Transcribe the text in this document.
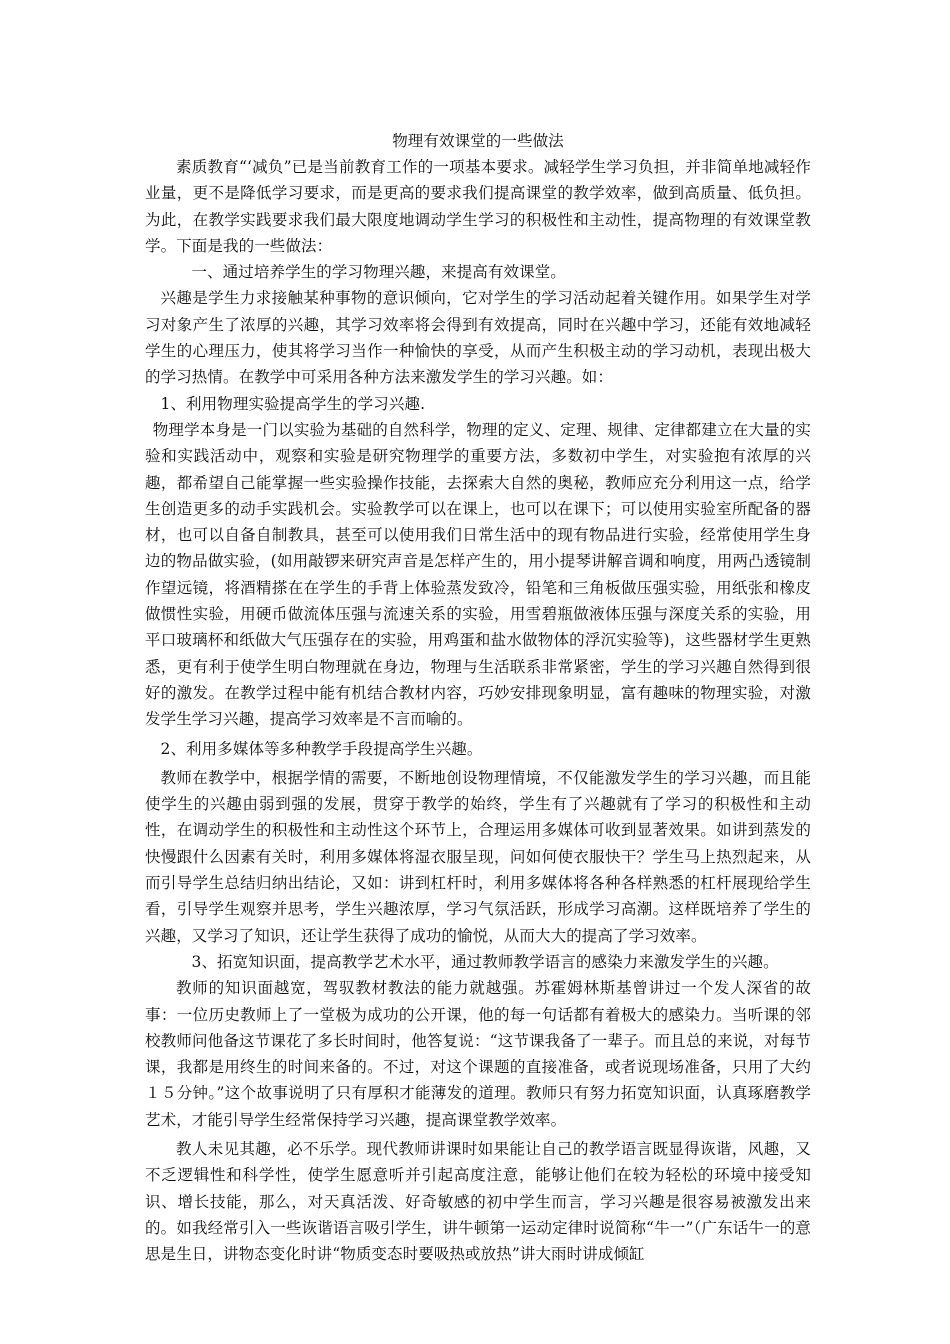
物理有效课堂的一些做法

素质教育“‘减负”已是当前教育工作的一项基本要求。减轻学生学习负担，并非简单地减轻作业量，更不是降低学习要求，而是更高的要求我们提高课堂的教学效率，做到高质量、低负担。为此，在教学实践要求我们最大限度地调动学生学习的积极性和主动性，提高物理的有效课堂教学。下面是我的一些做法：

一、通过培养学生的学习物理兴趣，来提高有效课堂。

兴趣是学生力求接触某种事物的意识倾向，它对学生的学习活动起着关键作用。如果学生对学习对象产生了浓厚的兴趣，其学习效率将会得到有效提高，同时在兴趣中学习，还能有效地减轻学生的心理压力，使其将学习当作一种愉快的享受，从而产生积极主动的学习动机，表现出极大的学习热情。在教学中可采用各种方法来激发学生的学习兴趣。如：

1、利用物理实验提高学生的学习兴趣.

物理学本身是一门以实验为基础的自然科学，物理的定义、定理、规律、定律都建立在大量的实验和实践活动中，观察和实验是研究物理学的重要方法，多数初中学生，对实验抱有浓厚的兴趣，都希望自己能掌握一些实验操作技能，去探索大自然的奥秘，教师应充分利用这一点，给学生创造更多的动手实践机会。实验教学可以在课上，也可以在课下；可以使用实验室所配备的器材，也可以自备自制教具，甚至可以使用我们日常生活中的现有物品进行实验，经常使用学生身边的物品做实验，(如用敲锣来研究声音是怎样产生的，用小提琴讲解音调和响度，用两凸透镜制作望远镜，将酒精搽在在学生的手背上体验蒸发致冷，铅笔和三角板做压强实验，用纸张和橡皮做惯性实验，用硬币做流体压强与流速关系的实验，用雪碧瓶做液体压强与深度关系的实验，用平口玻璃杯和纸做大气压强存在的实验，用鸡蛋和盐水做物体的浮沉实验等)，这些器材学生更熟悉，更有利于使学生明白物理就在身边，物理与生活联系非常紧密，学生的学习兴趣自然得到很好的激发。在教学过程中能有机结合教材内容，巧妙安排现象明显，富有趣味的物理实验，对激发学生学习兴趣，提高学习效率是不言而喻的。

2、利用多媒体等多种教学手段提高学生兴趣。

教师在教学中，根据学情的需要，不断地创设物理情境，不仅能激发学生的学习兴趣，而且能使学生的兴趣由弱到强的发展，贯穿于教学的始终，学生有了兴趣就有了学习的积极性和主动性，在调动学生的积极性和主动性这个环节上，合理运用多媒体可收到显著效果。如讲到蒸发的快慢跟什么因素有关时，利用多媒体将湿衣服呈现，问如何使衣服快干？学生马上热烈起来，从而引导学生总结归纳出结论，又如：讲到杠杆时，利用多媒体将各种各样熟悉的杠杆展现给学生看，引导学生观察并思考，学生兴趣浓厚，学习气氛活跃，形成学习高潮。这样既培养了学生的兴趣，又学习了知识，还让学生获得了成功的愉悦，从而大大的提高了学习效率。

3、拓宽知识面，提高教学艺术水平，通过教师教学语言的感染力来激发学生的兴趣。

教师的知识面越宽，驾驭教材教法的能力就越强。苏霍姆林斯基曾讲过一个发人深省的故事：一位历史教师上了一堂极为成功的公开课，他的每一句话都有着极大的感染力。当听课的邻校教师问他备这节课花了多长时间时，他答复说：“这节课我备了一辈子。而且总的来说，对每节课，我都是用终生的时间来备的。不过，对这个课题的直接准备，或者说现场准备，只用了大约１５分钟。”这个故事说明了只有厚积才能薄发的道理。教师只有努力拓宽知识面，认真琢磨教学艺术，才能引导学生经常保持学习兴趣，提高课堂教学效率。

教人未见其趣，必不乐学。现代教师讲课时如果能让自己的教学语言既显得诙谐，风趣，又不乏逻辑性和科学性，使学生愿意听并引起高度注意，能够让他们在较为轻松的环境中接受知识、增长技能，那么，对天真活泼、好奇敏感的初中学生而言，学习兴趣是很容易被激发出来的。如我经常引入一些诙谐语言吸引学生，讲牛顿第一运动定律时说简称“牛一”（广东话牛一的意思是生日，讲物态变化时讲“物质变态时要吸热或放热”讲大雨时讲成倾缸
